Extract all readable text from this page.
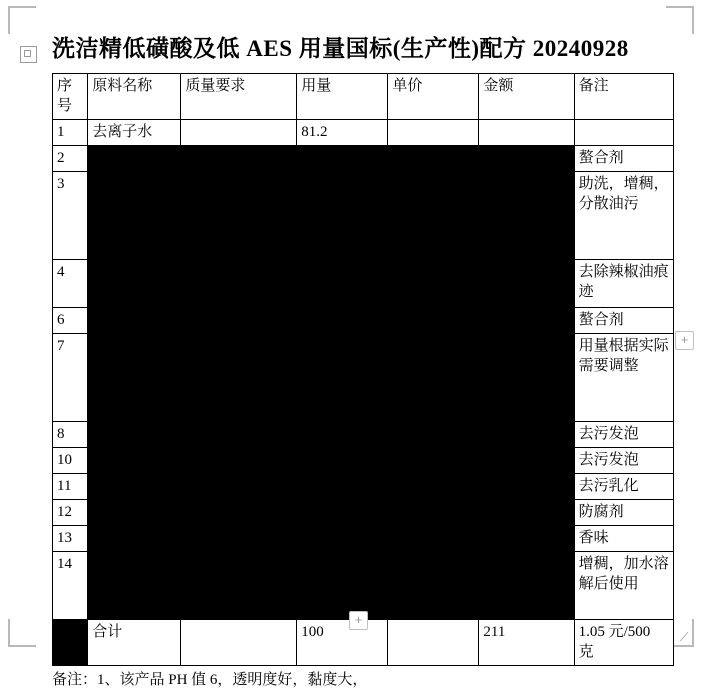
洗洁精低磺酸及低 AES 用量国标(生产性)配方 20240928
序号	原料名称	质量要求	用量	单价	金额	备注
1	去离子水		81.2			
2						螯合剂
3						助洗，增稠，分散油污
4						去除辣椒油痕迹
6						螯合剂
7						用量根据实际需要调整
8						去污发泡
10						去污发泡
11						去污乳化
12						防腐剂
13						香味
14						增稠，加水溶解后使用
	合计		100		211	1.05 元/500 克
备注：1、该产品 PH 值 6，透明度好，黏度大，
+
+
⟋
